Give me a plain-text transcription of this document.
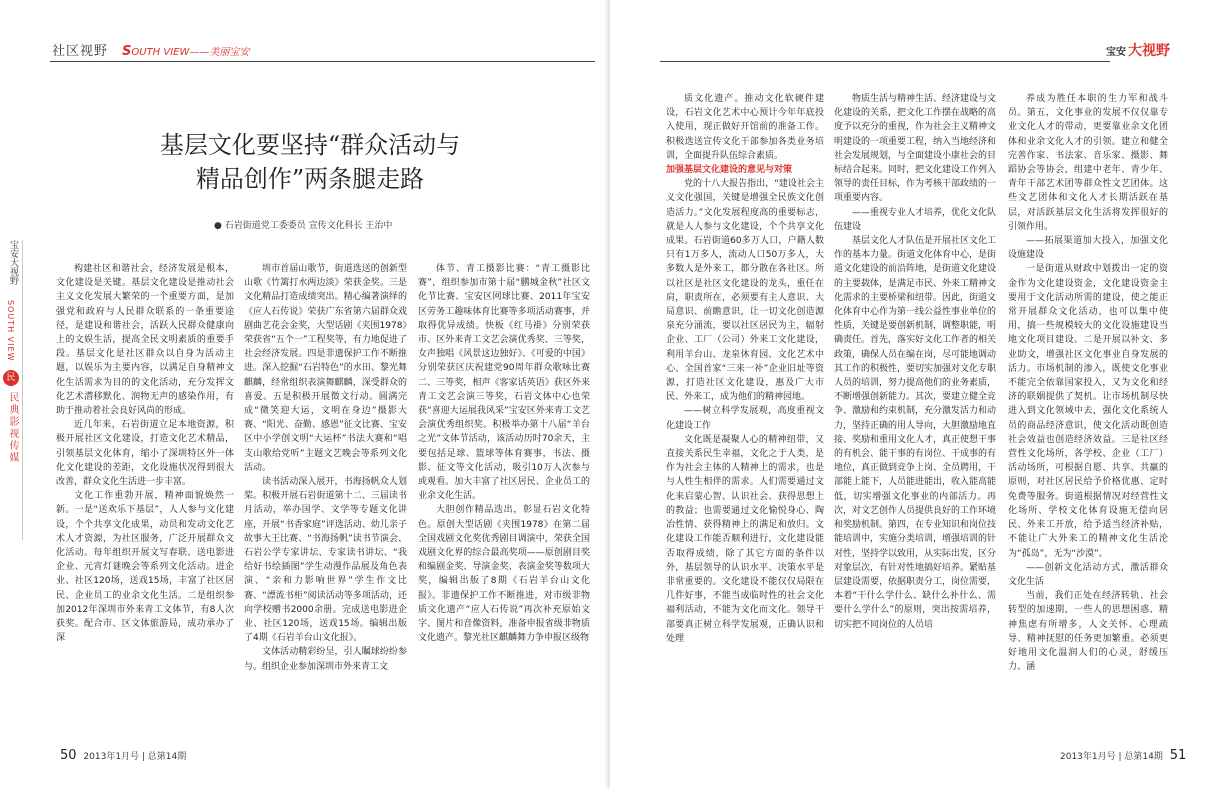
社区视野 SOUTH VIEW——美丽宝安
宝安大视野
SOUTH VIEW
民
民典影视传媒
基层文化要坚持“群众活动与
精品创作”两条腿走路
● 石岩街道党工委委员 宣传文化科长 王治中

构建社区和谐社会，经济发展是根本，文化建设是关键。基层文化建设是推动社会主义文化发展大繁荣的一个重要方面，是加强党和政府与人民群众联系的一条重要途径，是建设和谐社会，活跃人民群众健康向上的文娱生活，提高全民文明素质的重要手段。基层文化是社区群众以自身为活动主题，以娱乐为主要内容，以满足自身精神文化生活需求为目的的文化活动，充分发挥文化艺术潜移默化、润物无声的感染作用，有助于推动着社会良好风尚的形成。

近几年来，石岩街道立足本地资源，积极开展社区文化建设，打造文化艺术精品，引领基层文化体育，缩小了深圳特区外一体化文化建设的差距，文化设施状况得到很大改善，群众文化生活进一步丰富。

文化工作重勃开展，精神面貌焕然一新。一是“送欢乐下基层”，人人参与文化建设，个个共享文化成果，动员和发动文化艺术人才资源，为社区服务，广泛开展群众文化活动。每年组织开展文写春联、送电影进企业、元宵灯谜晚会等系列文化活动。进企业、社区120场，送戏15场，丰富了社区居民、企业员工的业余文化生活。二是组织参加2012年深圳市外来青工文体节，有8人次获奖。配合市、区文体旅游局，成功承办了深

圳市首届山歌节，街道选送的创新型山歌《竹篱打水两边淡》荣获金奖。三是文化精品打造成绩突出。精心编著演绎的《应人石传说》荣获广东省第六届群众戏剧曲艺花会金奖，大型话剧《夹围1978》荣获省“五个一”工程奖等，有力地促进了社会经济发展。四是非遗保护工作不断推进。深入挖掘“石岩特色”的水田、黎光舞麒麟，经常组织表演舞麒麟，深受群众的喜爱。五是积极开展徵文行动。圆满完成“微笑迎大运，文明在身边”摄影大赛、“阳光、奋勤、感恩”征文比赛、宝安区中小学创文明“大运杯”书法大赛和“唱支山歌给党听”主题文艺晚会等系列文化活动。

读书活动深入展开，书海扬帆众人划桨。积极开展石岩街道第十二、三届读书月活动，举办国学、文学等专题文化讲座，开展“书香家庭”评选活动、幼儿亲子故事大王比赛、“书海扬帆”读书节演会、石岩公学专家讲坛、专家读书讲坛、“我给好书绘插图”学生动漫作品展及角色表演、“亲和力影响世界”学生作文比赛、“漂流书柜”阅读活动等多项活动，还向学校赠书2000余册。完成送电影进企业、社区120场，送戏15场。编辑出版了4期《石岩羊台山文化报》。

文体活动精彩纷呈，引人瞩球纷纷参与。组织企业参加深圳市外来青工文

体节、青工摄影比赛：“青工摄影比赛”，组织参加市第十届“鹏城金秋”社区文化节比赛、宝安区网球比赛、2011年宝安区劳务工趣味体育比赛等多项活动赛事，并取得优异成绩。快板《红马褂》分别荣获市、区外来青工文艺会演优秀奖、三等奖，女声独唱《风景这边独好》、《可爱的中国》分别荣获区庆祝建党90周年群众歌咏比赛二、三等奖，相声《客家话英语》获区外来青工文艺会演三等奖，石岩文体中心也荣获“喜迎大运展我风采”宝安区外来青工文艺会演优秀组织奖。积极举办第十八届“羊台之光”文体节活动，该活动历时70余天，主要包括足球、篮球等体育赛事，书法、摄影、征文等文化活动，吸引10万人次参与或观看。加大丰富了社区居民、企业员工的业余文化生活。

大胆创作精品迭出，彰显石岩文化特色。原创大型话剧《夹围1978》在第二届全国戏剧文化奖优秀剧目调演中，荣获全国戏剧文化界的综合最高奖项——原创剧目奖和编剧金奖、导演金奖、表演金奖等数项大奖，编辑出版了8期《石岩羊台山文化报》。非遗保护工作不断推进，对市级非物质文化遗产“应人石传说”再次补充原始文字、图片和音像资料，准备申报省级非物质文化遗产。黎光社区麒麟舞力争申报区级物

50 2013年1月号 | 总第14期
宝安 大视野

质文化遗产。推动文化软硬件建设，石岩文化艺术中心预计今年年底投入使用，现正做好开馆前的准备工作。积极选送宣传文化干部参加各类业务培训，全面提升队伍综合素质。

加强基层文化建设的意见与对策

党的十八大报告指出，“建设社会主义文化强国，关键是增强全民族文化创造活力。”文化发展程度高的重要标志，就是人人参与文化建设，个个共享文化成果。石岩街道60多万人口，户籍人数只有1万多人，流动人口50万多人，大多数人是外来工，都分散在各社区。所以社区是社区文化建设的龙头，重任在肩，职责所在，必须要有主人意识、大局意识、前瞻意识，让一切文化创造源泉充分涌流，要以社区居民为主，辐射企业、工厂（公司）外来工文化建设，利用羊台山、龙泉休育园、文化艺术中心、全国首家“三来一补”企业旧址等资源，打造社区文化建设，惠及广大市民、外来工，成为他们的精神园地。

——树立科学发展观，高度重视文化建设工作

文化既是凝聚人心的精神纽带，又直接关系民生幸福，文化之于人类，是作为社会主体的人精神上的需求，也是与人性生相伴的需求。人们需要通过文化来启蒙心智、认识社会、获得思想上的教益；也需要通过文化愉悦身心、陶冶性情、获得精神上的满足和放归。文化建设工作能否顺利进行，文化建设能否取得成绩，除了其它方面的条件以外，基层领导的认识水平、决策水平是非常重要的。文化建设不能仅仅局限在几件好事，不能当成临时性的社会文化福利活动，不能为文化而文化。领导干部要真正树立科学发展观，正确认识和处理

物质生活与精神生活、经济建设与文化建设的关系，把文化工作摆在战略的高度予以充分的重视，作为社会主义精神文明建设的一项重要工程，纳入当地经济和社会发展规划，与全面建设小康社会的目标结合起来。同时，把文化建设工作列入领导的责任目标，作为考核干部政绩的一项重要内容。

——重视专业人才培养，优化文化队伍建设

基层文化人才队伍是开展社区文化工作的基本力量。街道文化体育中心，是街道文化建设的前沿阵地，是街道文化建设的主要载体，是满足市民、外来工精神文化需求的主要桥梁和纽带。因此，街道文化体育中心作为第一线公益性事业单位的性质，关键是要创新机制，调整职能，明确责任。首先，落实好文化工作者的相关政策，确保人员在编在岗，尽可能地调动其工作的积极性，要切实加强对文化专职人员的培训，努力提高他们的业务素质，不断增强创新能力。其次，要建立健全竞争、激励和约束机制，充分激发活力和动力，坚持正确的用人导向，大胆激励地直接、奖励和重用文化人才，真正使想干事的有机会、能干事的有岗位、干成事的有地位，真正做到竞争上岗、全员聘用，干部能上能下，人员能进能出，收入能高能低，切实增强文化事业的内部活力。再次，对文艺创作人员提供良好的工作环境和奖励机制。第四，在专业知识和岗位技能培训中，实施分类培训，增强培训的针对性，坚持学以致用，从实际出发，区分对象层次，有针对性地搞好培养。紧贴基层建设需要，依据职责分工，岗位需要，本着“干什么学什么、缺什么补什么、需要什么学什么”的原则，突出按需培养，切实把不同岗位的人员培

养成为胜任本职的生力军和战斗员。第五，文化事业的发展不仅仅靠专业文化人才的带动，更要靠业余文化团体和业余文化人才的引领。建立和健全完善作家、书法家、音乐家、摄影、舞蹈协会等协会，组建中老年、青少年、青年干部艺术团等群众性文艺团体。这些文艺团体和文化人才长期活跃在基层，对活跃基层文化生活将发挥很好的引领作用。

——拓展渠道加大投入，加强文化设施建设

一是街道从财政中划拨出一定的资金作为文化建设资金，文化建设资金主要用于文化活动所需的建设，使之能正常开展群众文化活动，也可以集中使用，搞一些规模较大的文化设施建设当地文化项目建设。二是开展以补文、多业助文，增强社区文化事业自身发展的活力。市场机制的渗入，既使文化事业不能完全依靠国家投入，又为文化和经济的联姻提供了契机。让市场机制尽快进入到文化领域中去，强化文化系统人员的商品经济意识，使文化活动既创造社会效益也创造经济效益。三是社区经营性文化场所，各学校、企业（工厂）活动场所，可根据自愿、共享、共赢的原则，对社区居民给予价格优惠、定时免费等服务。街道根据情况对经营性文化场所、学校文化体育设施无偿向居民、外来工开放，给予适当经济补贴，不能让广大外来工的精神文化生活沦为“孤岛”，无为“沙漠”。

——创新文化活动方式，激活群众文化生活

当前，我们正处在经济转轨、社会转型的加速期，一些人的思想困惑、精神焦虑有所增多，人文关怀、心理疏导、精神抚慰的任务更加繁重。必须更好地用文化温润人们的心灵，舒缓压力、涵

2013年1月号 | 总第14期 51
